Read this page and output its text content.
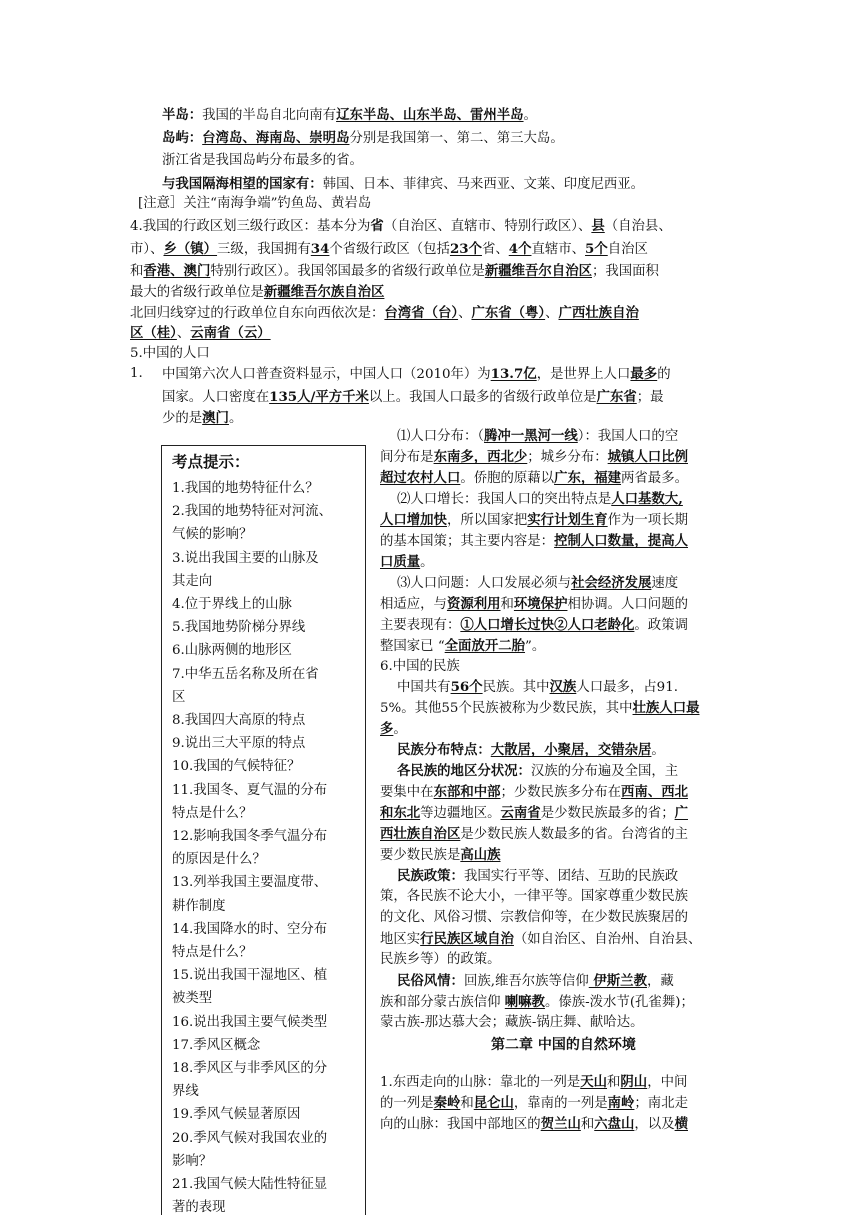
半岛：我国的半岛自北向南有辽东半岛、山东半岛、雷州半岛。
岛屿：台湾岛、海南岛、崇明岛分别是我国第一、第二、第三大岛。
浙江省是我国岛屿分布最多的省。
与我国隔海相望的国家有：韩国、日本、菲律宾、马来西亚、文莱、印度尼西亚。
[注意］关注“南海争端”钓鱼岛、黄岩岛
4.我国的行政区划三级行政区：基本分为省（自治区、直辖市、特别行政区）、县（自治县、
市）、乡（镇）三级，我国拥有34个省级行政区（包括23个省、4个直辖市、5个自治区
和香港、澳门特别行政区）。我国邻国最多的省级行政单位是新疆维吾尔自治区；我国面积
最大的省级行政单位是新疆维吾尔族自治区
北回归线穿过的行政单位自东向西依次是：台湾省（台）、广东省（粤）、广西壮族自治
区（桂）、云南省（云）
5.中国的人口
1. 中国第六次人口普查资料显示，中国人口（2010年）为13.7亿，是世界上人口最多的
国家。人口密度在135人/平方千米以上。我国人口最多的省级行政单位是广东省；最
少的是澳门。
考点提示：
1.我国的地势特征什么？
2.我国的地势特征对河流、
气候的影响？
3.说出我国主要的山脉及
其走向
4.位于界线上的山脉
5.我国地势阶梯分界线
6.山脉两侧的地形区
7.中华五岳名称及所在省
区
8.我国四大高原的特点
9.说出三大平原的特点
10.我国的气候特征？
11.我国冬、夏气温的分布
特点是什么？
12.影响我国冬季气温分布
的原因是什么？
13.列举我国主要温度带、
耕作制度
14.我国降水的时、空分布
特点是什么？
15.说出我国干湿地区、植
被类型
16.说出我国主要气候类型
17.季风区概念
18.季风区与非季风区的分
界线
19.季风气候显著原因
20.季风气候对我国农业的
影响？
21.我国气候大陆性特征显
著的表现
⑴人口分布：（腾冲一黑河一线）：我国人口的空
间分布是东南多，西北少；城乡分布：城镇人口比例
超过农村人口。侨胞的原藉以广东，福建两省最多。
⑵人口增长：我国人口的突出特点是人口基数大,
人口增加快，所以国家把实行计划生育作为一项长期
的基本国策；其主要内容是：控制人口数量，提高人
口质量。
⑶人口问题：人口发展必须与社会经济发展速度
相适应，与资源利用和环境保护相协调。人口问题的
主要表现有：①人口增长过快②人口老龄化。政策调
整国家已 “全面放开二胎”。
6.中国的民族
中国共有56个民族。其中汉族人口最多，占91.
5%。其他55个民族被称为少数民族，其中壮族人口最
多。
民族分布特点：大散居，小聚居，交错杂居。
各民族的地区分状况：汉族的分布遍及全国，主
要集中在东部和中部；少数民族多分布在西南、西北
和东北等边疆地区。云南省是少数民族最多的省；广
西壮族自治区是少数民族人数最多的省。台湾省的主
要少数民族是高山族
民族政策：我国实行平等、团结、互助的民族政
策，各民族不论大小，一律平等。国家尊重少数民族
的文化、风俗习惯、宗教信仰等，在少数民族聚居的
地区实行民族区域自治（如自治区、自治州、自治县、
民族乡等）的政策。
民俗风情：回族,维吾尔族等信仰 伊斯兰教，藏
族和部分蒙古族信仰 喇嘛教。傣族-泼水节(孔雀舞)；
蒙古族-那达慕大会；藏族-锅庄舞、献哈达。
第二章 中国的自然环境
1.东西走向的山脉：靠北的一列是天山和阴山，中间
的一列是秦岭和昆仑山，靠南的一列是南岭；南北走
向的山脉：我国中部地区的贺兰山和六盘山，以及横
